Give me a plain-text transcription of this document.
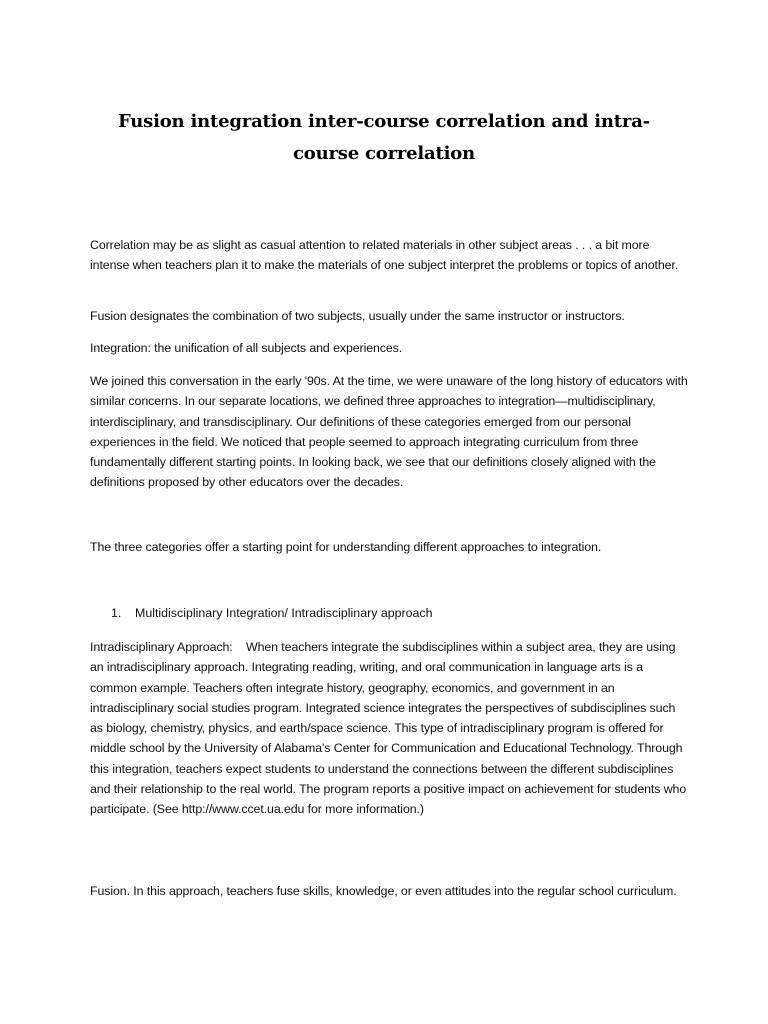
Fusion integration inter-course correlation and intra-course correlation

Correlation may be as slight as casual attention to related materials in other subject areas . . . a bit more intense when teachers plan it to make the materials of one subject interpret the problems or topics of another.

Fusion designates the combination of two subjects, usually under the same instructor or instructors.

Integration: the unification of all subjects and experiences.

We joined this conversation in the early '90s. At the time, we were unaware of the long history of educators with similar concerns. In our separate locations, we defined three approaches to integration—multidisciplinary, interdisciplinary, and transdisciplinary. Our definitions of these categories emerged from our personal experiences in the field. We noticed that people seemed to approach integrating curriculum from three fundamentally different starting points. In looking back, we see that our definitions closely aligned with the definitions proposed by other educators over the decades.

The three categories offer a starting point for understanding different approaches to integration.

1. Multidisciplinary Integration/ Intradisciplinary approach

Intradisciplinary Approach: When teachers integrate the subdisciplines within a subject area, they are using an intradisciplinary approach. Integrating reading, writing, and oral communication in language arts is a common example. Teachers often integrate history, geography, economics, and government in an intradisciplinary social studies program. Integrated science integrates the perspectives of subdisciplines such as biology, chemistry, physics, and earth/space science. This type of intradisciplinary program is offered for middle school by the University of Alabama's Center for Communication and Educational Technology. Through this integration, teachers expect students to understand the connections between the different subdisciplines and their relationship to the real world. The program reports a positive impact on achievement for students who participate. (See http://www.ccet.ua.edu for more information.)

Fusion. In this approach, teachers fuse skills, knowledge, or even attitudes into the regular school curriculum.
